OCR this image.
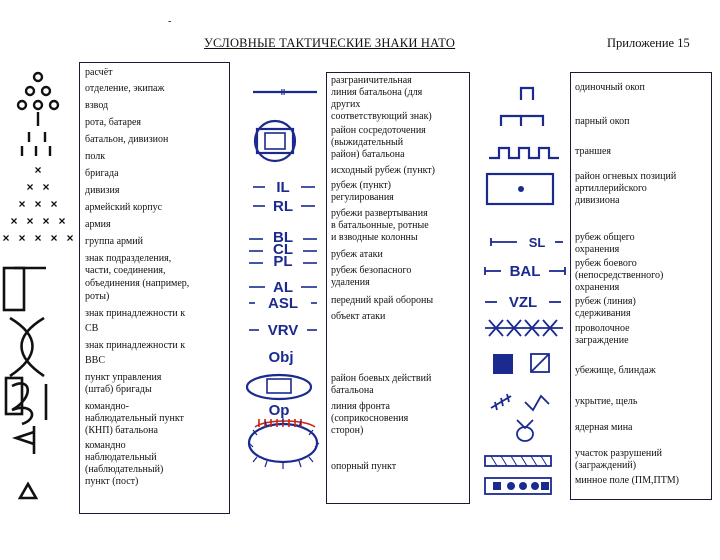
УСЛОВНЫЕ ТАКТИЧЕСКИЕ ЗНАКИ НАТО	Приложение 15
-
×
× ×
× × ×
× × × ×
× × × × ×
расчёт
отделение, экипаж
взвод
рота, батарея
батальон, дивизион
полк
бригада
дивизия
армейский корпус
армия
группа армий
знак подразделения,
части, соединения,
объединения (например,
роты)
знак принадлежности к
СВ
знак принадлежности к
ВВС
пункт управления
(штаб) бригады
командно-
наблюдательный пункт
(КНП) батальона
командно
наблюдательный
(наблюдательный)
пункт (пост)
II
IL
RL
BL
CL
PL
AL
ASL
VRV
Obj
Op
разграничительная
линия батальона (для
других
соответствующий знак)
район сосредоточения
(выжидательный
район) батальона
исходный рубеж (пункт)
рубеж (пункт)
регулирования
рубежи развертывания
в батальонные, ротные
и взводные колонны
рубеж атаки
рубеж безопасного
удаления
передний край обороны
объект атаки
район боевых действий
батальона
линия фронта
(соприкосновения
сторон)
опорный пункт
SL
BAL
VZL
одиночный окоп
парный окоп
траншея
район огневых позиций
артиллерийского
дивизиона
рубеж общего
охранения
рубеж боевого
(непосредственного)
охранения
рубеж (линия)
сдерживания
проволочное
заграждение
убежище, блиндаж
укрытие, щель
ядерная мина
участок разрушений
(заграждений)
минное поле (ПМ,ПТМ)
